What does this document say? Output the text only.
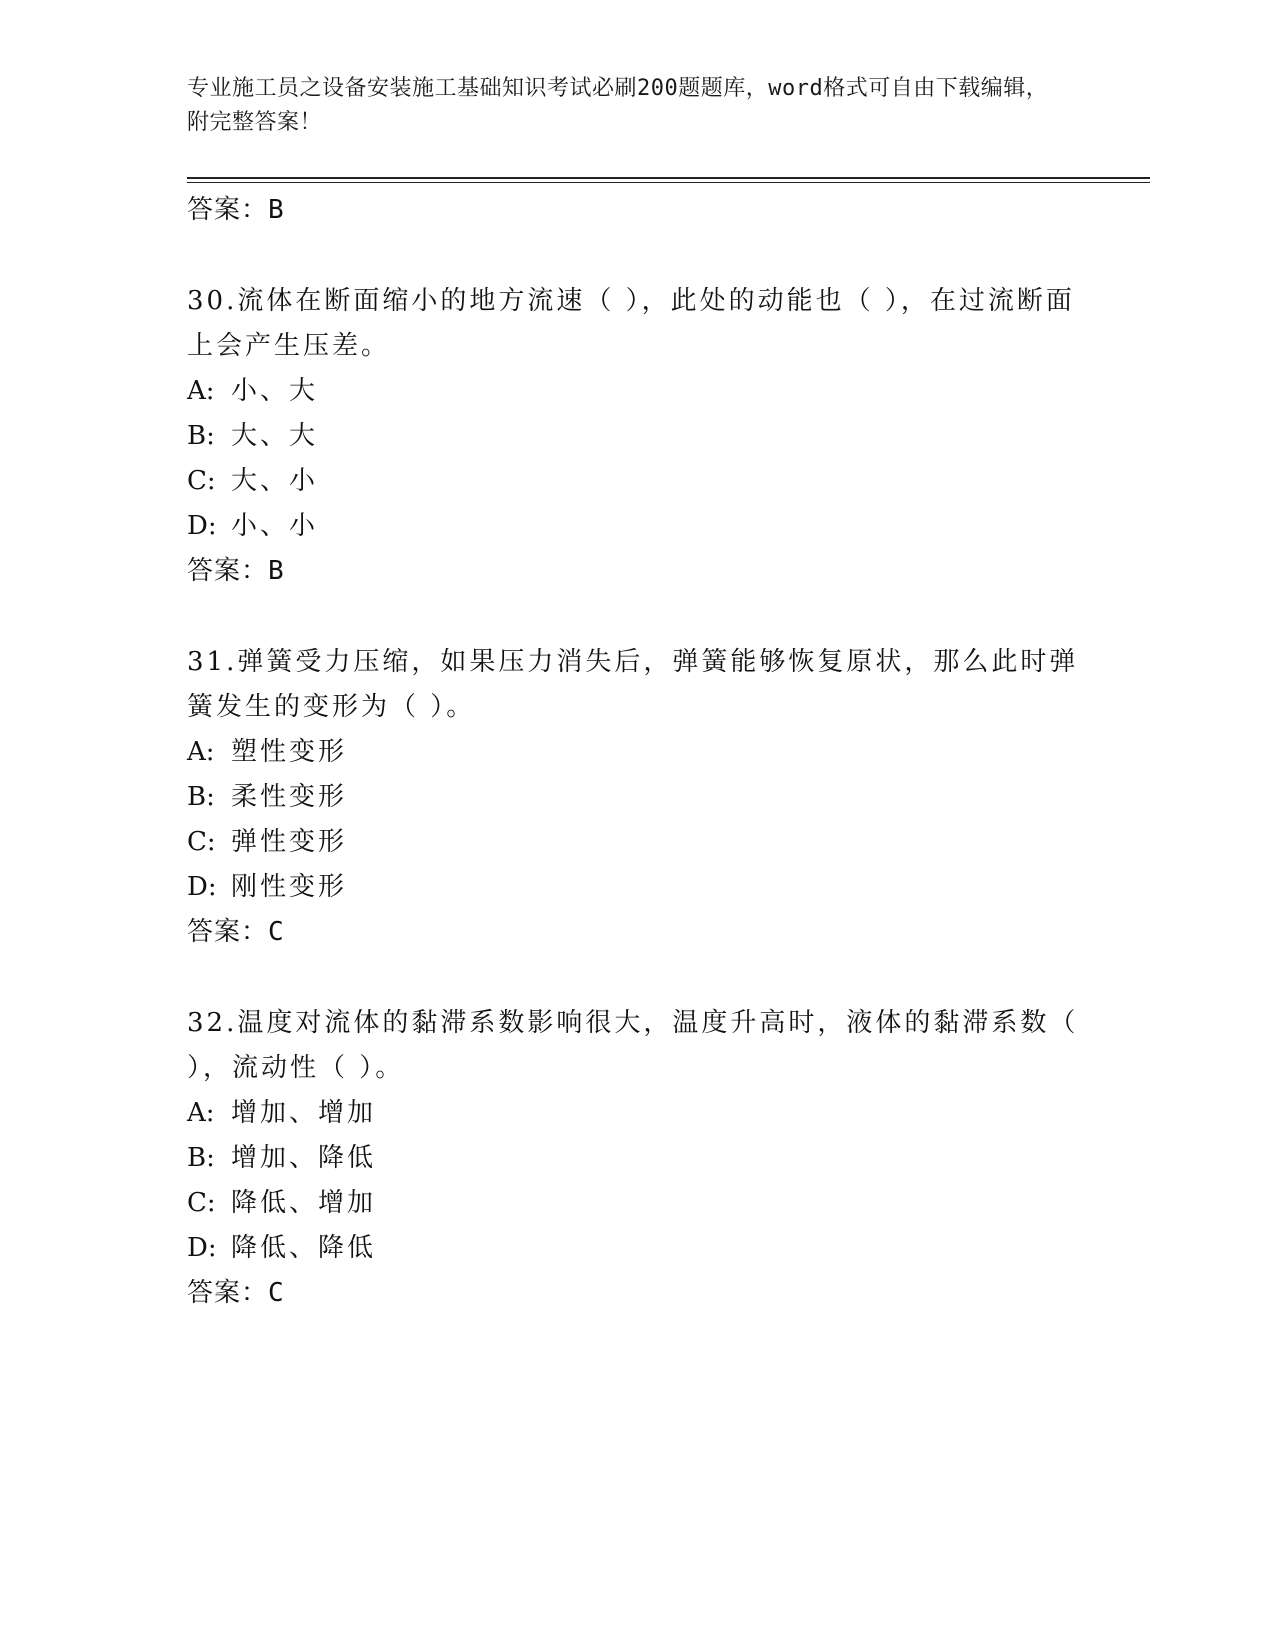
专业施工员之设备安装施工基础知识考试必刷200题题库，word格式可自由下载编辑，附完整答案！
答案：B
30.流体在断面缩小的地方流速（ ），此处的动能也（ ），在过流断面上会产生压差。
A: 小、大
B: 大、大
C: 大、小
D: 小、小
答案：B
31.弹簧受力压缩，如果压力消失后，弹簧能够恢复原状，那么此时弹簧发生的变形为（ ）。
A: 塑性变形
B: 柔性变形
C: 弹性变形
D: 刚性变形
答案：C
32.温度对流体的黏滞系数影响很大，温度升高时，液体的黏滞系数（ ），流动性（ ）。
A: 增加、增加
B: 增加、降低
C: 降低、增加
D: 降低、降低
答案：C
